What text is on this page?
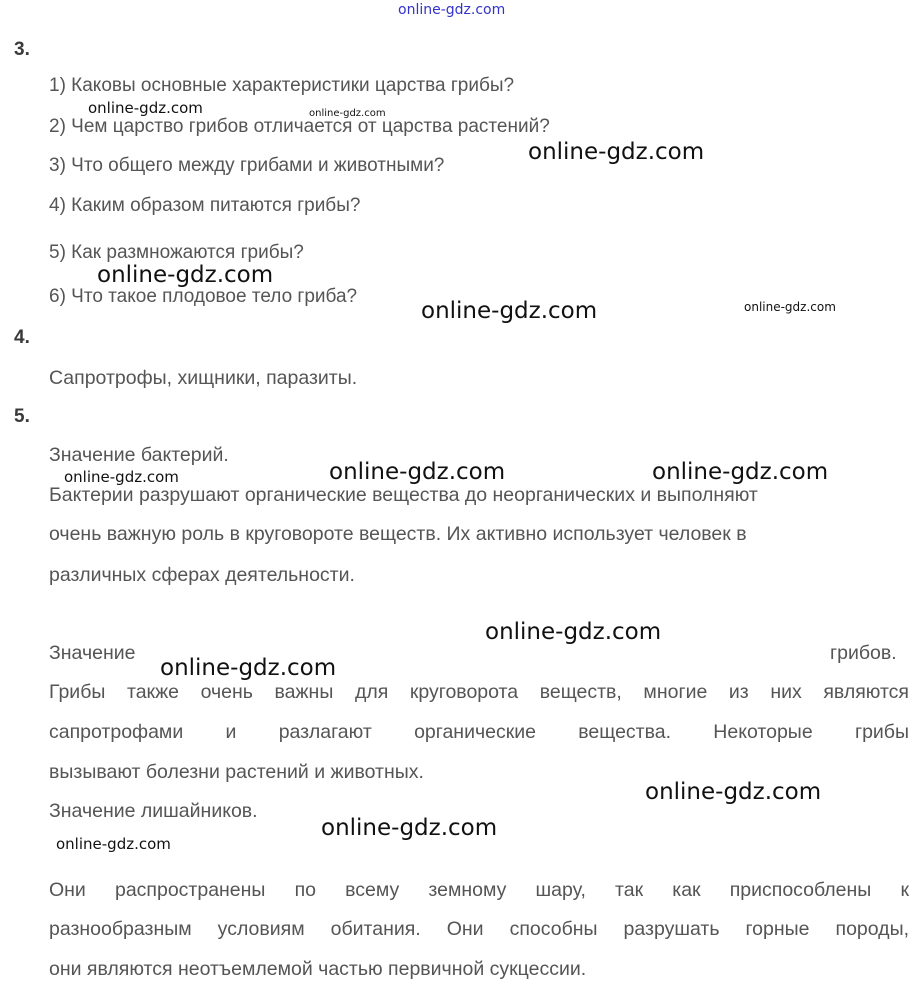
online-gdz.com
3.
1) Каковы основные характеристики царства грибы?
2) Чем царство грибов отличается от царства растений?
3) Что общего между грибами и животными?
4) Каким образом питаются грибы?
5) Как размножаются грибы?
6) Что такое плодовое тело гриба?
4.
Сапротрофы, хищники, паразиты.
5.
Значение бактерий.
Бактерии разрушают органические вещества до неорганических и выполняют
очень важную роль в круговороте веществ. Их активно использует человек в
различных сферах деятельности.
Значение	грибов.
Грибы также очень важны для круговорота веществ, многие из них являются
сапротрофами и разлагают органические вещества. Некоторые грибы
вызывают болезни растений и животных.
Значение лишайников.
Они распространены по всему земному шару, так как приспособлены к
разнообразным условиям обитания. Они способны разрушать горные породы,
они являются неотъемлемой частью первичной сукцессии.
online-gdz.com	online-gdz.com
online-gdz.com
online-gdz.com
online-gdz.com	online-gdz.com
online-gdz.com	online-gdz.com	online-gdz.com
online-gdz.com
online-gdz.com
online-gdz.com
online-gdz.com
online-gdz.com
